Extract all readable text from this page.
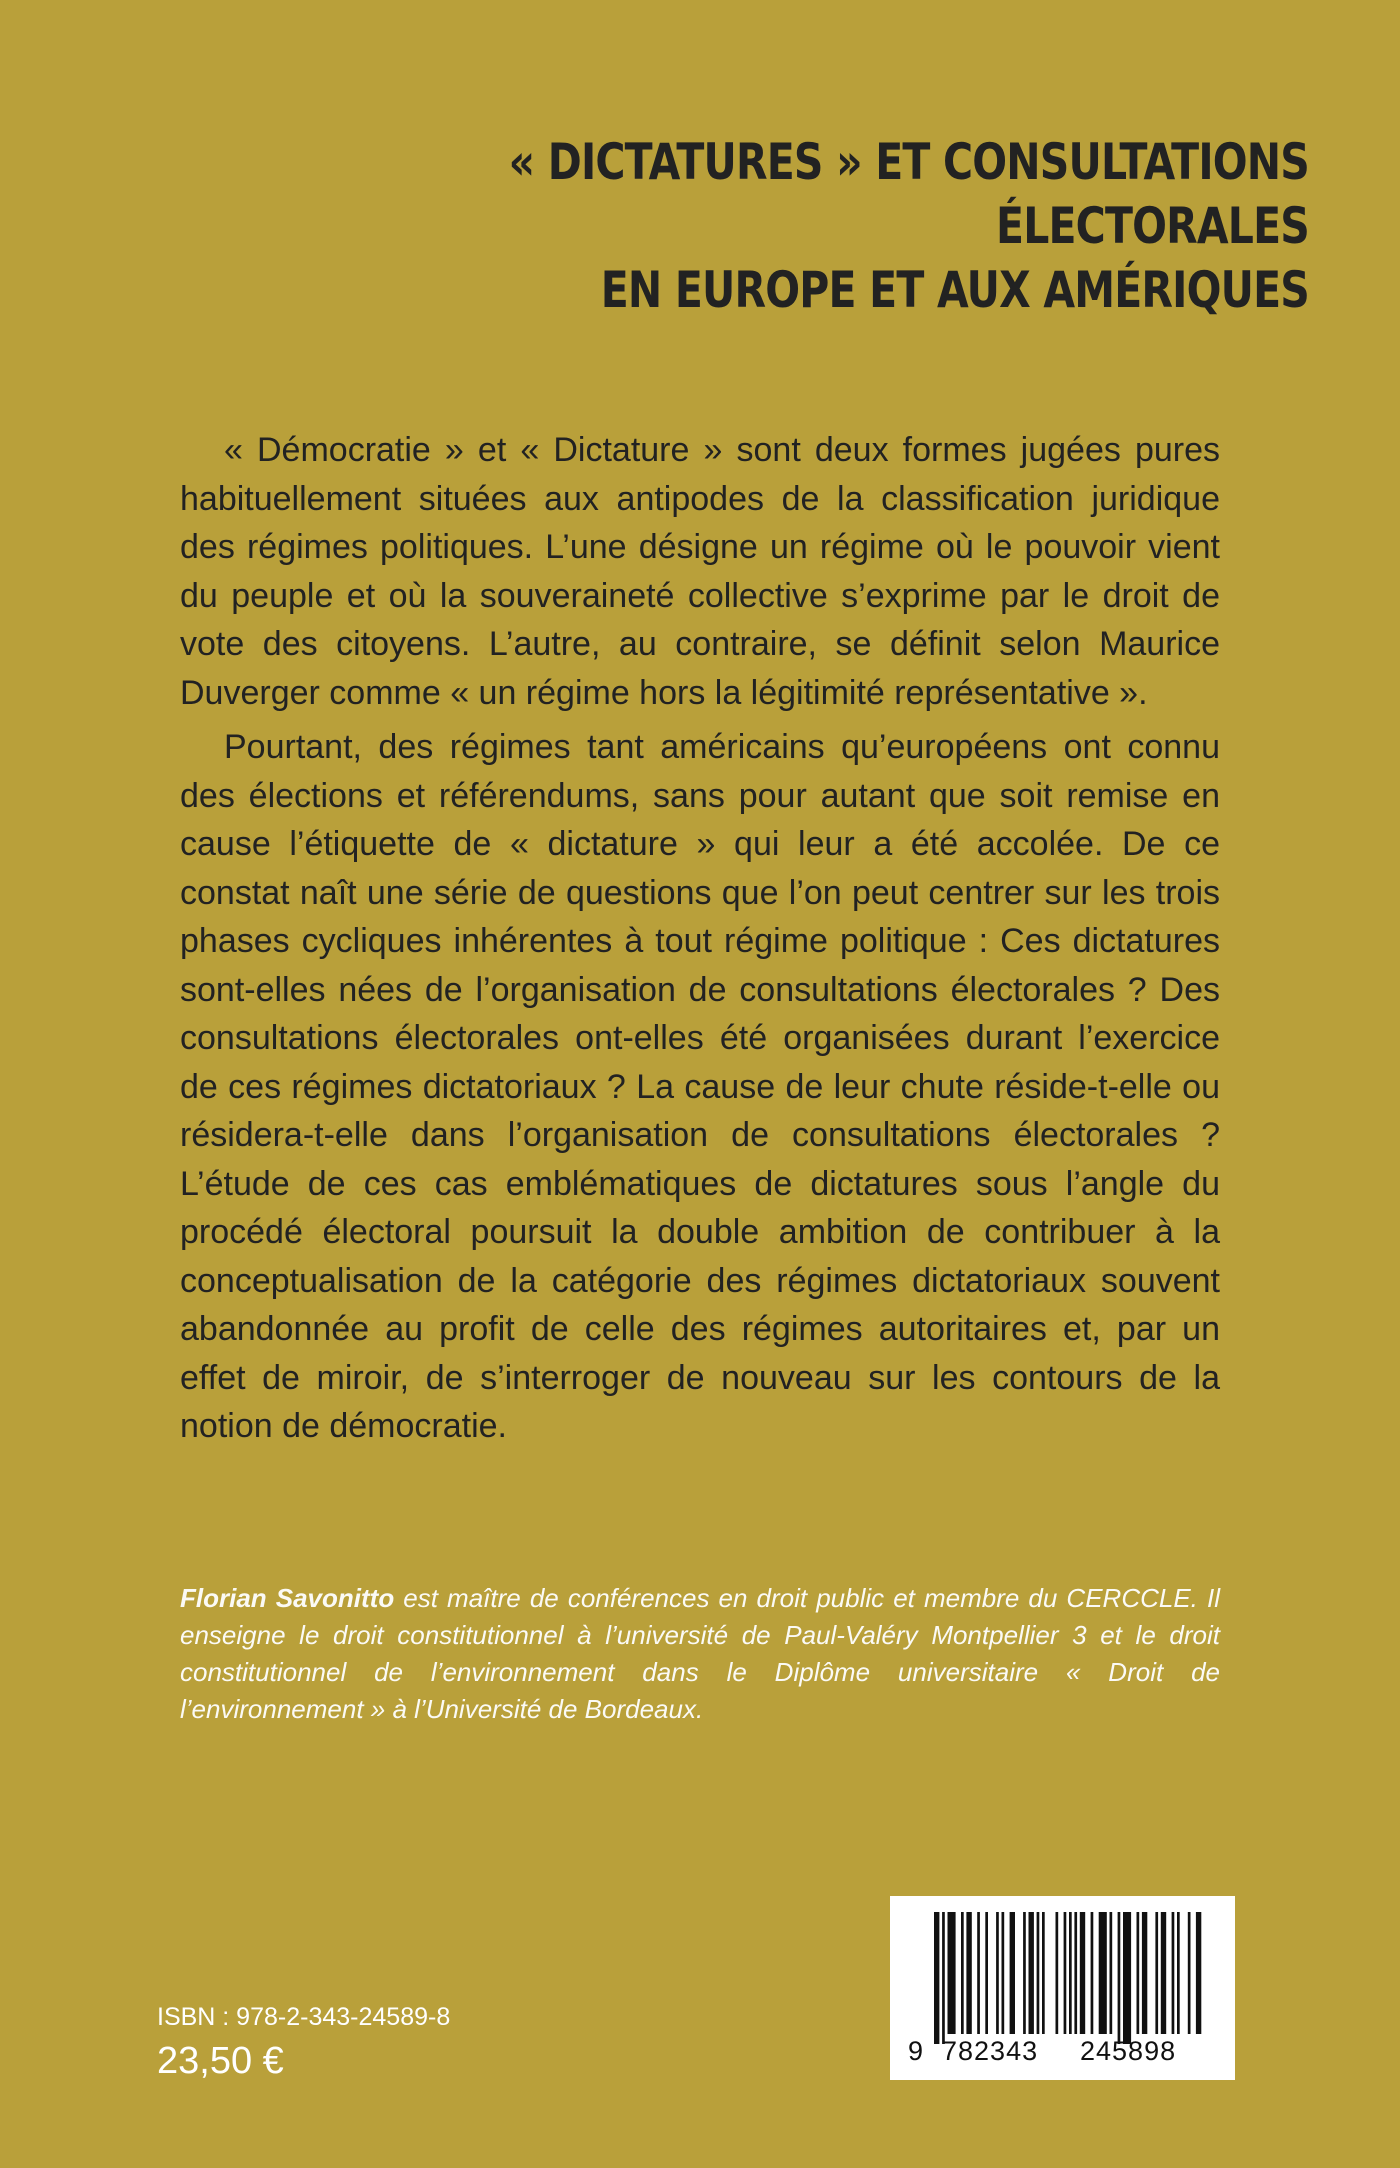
« DICTATURES » ET CONSULTATIONS ÉLECTORALES
EN EUROPE ET AUX AMÉRIQUES

« Démocratie » et « Dictature » sont deux formes jugées pures habituellement situées aux antipodes de la classification juridique des régimes politiques. L’une désigne un régime où le pouvoir vient du peuple et où la souveraineté collective s’exprime par le droit de vote des citoyens. L’autre, au contraire, se définit selon Maurice Duverger comme « un régime hors la légitimité représentative ».

Pourtant, des régimes tant américains qu’européens ont connu des élections et référendums, sans pour autant que soit remise en cause l’étiquette de « dictature » qui leur a été accolée. De ce constat naît une série de questions que l’on peut centrer sur les trois phases cycliques inhérentes à tout régime politique : Ces dictatures sont-elles nées de l’organisation de consultations électorales ? Des consultations électorales ont-elles été organisées durant l’exercice de ces régimes dictatoriaux ? La cause de leur chute réside-t-elle ou résidera-t-elle dans l’organisation de consultations électorales ? L’étude de ces cas emblématiques de dictatures sous l’angle du procédé électoral poursuit la double ambition de contribuer à la conceptualisation de la catégorie des régimes dictatoriaux souvent abandonnée au profit de celle des régimes autoritaires et, par un effet de miroir, de s’interroger de nouveau sur les contours de la notion de démocratie.

Florian Savonitto est maître de conférences en droit public et membre du CERCCLE. Il enseigne le droit constitutionnel à l’université de Paul-Valéry Montpellier 3 et le droit constitutionnel de l’environnement dans le Diplôme universitaire « Droit de l’environnement » à l’Université de Bordeaux.

ISBN : 978-2-343-24589-8
23,50 €	9 782343 245898
